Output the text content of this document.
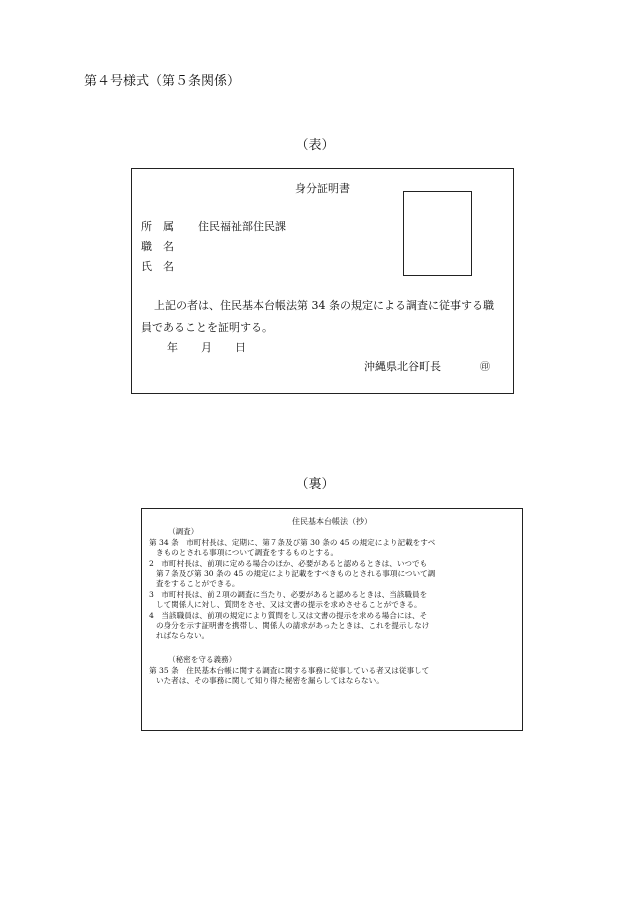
第４号様式（第５条関係）
（表）
身分証明書
所　属 住民福祉部住民課
職　名
氏　名
上記の者は、住民基本台帳法第 34 条の規定による調査に従事する職
員であることを証明する。
年 月 日
沖縄県北谷町長	㊞
（裏）
住民基本台帳法（抄）
（調査）
第 34 条　市町村長は、定期に、第７条及び第 30 条の 45 の規定により記載をすべ
きものとされる事項について調査をするものとする。
2　市町村長は、前項に定める場合のほか、必要があると認めるときは、いつでも
第７条及び第 30 条の 45 の規定により記載をすべきものとされる事項について調
査をすることができる。
3　市町村長は、前２項の調査に当たり、必要があると認めるときは、当該職員を
して関係人に対し、質問をさせ、又は文書の提示を求めさせることができる。
4　当該職員は、前項の規定により質問をし又は文書の提示を求める場合には、そ
の身分を示す証明書を携帯し、関係人の請求があったときは、これを提示しなけ
ればならない。
（秘密を守る義務）
第 35 条　住民基本台帳に関する調査に関する事務に従事している者又は従事して
いた者は、その事務に関して知り得た秘密を漏らしてはならない。
